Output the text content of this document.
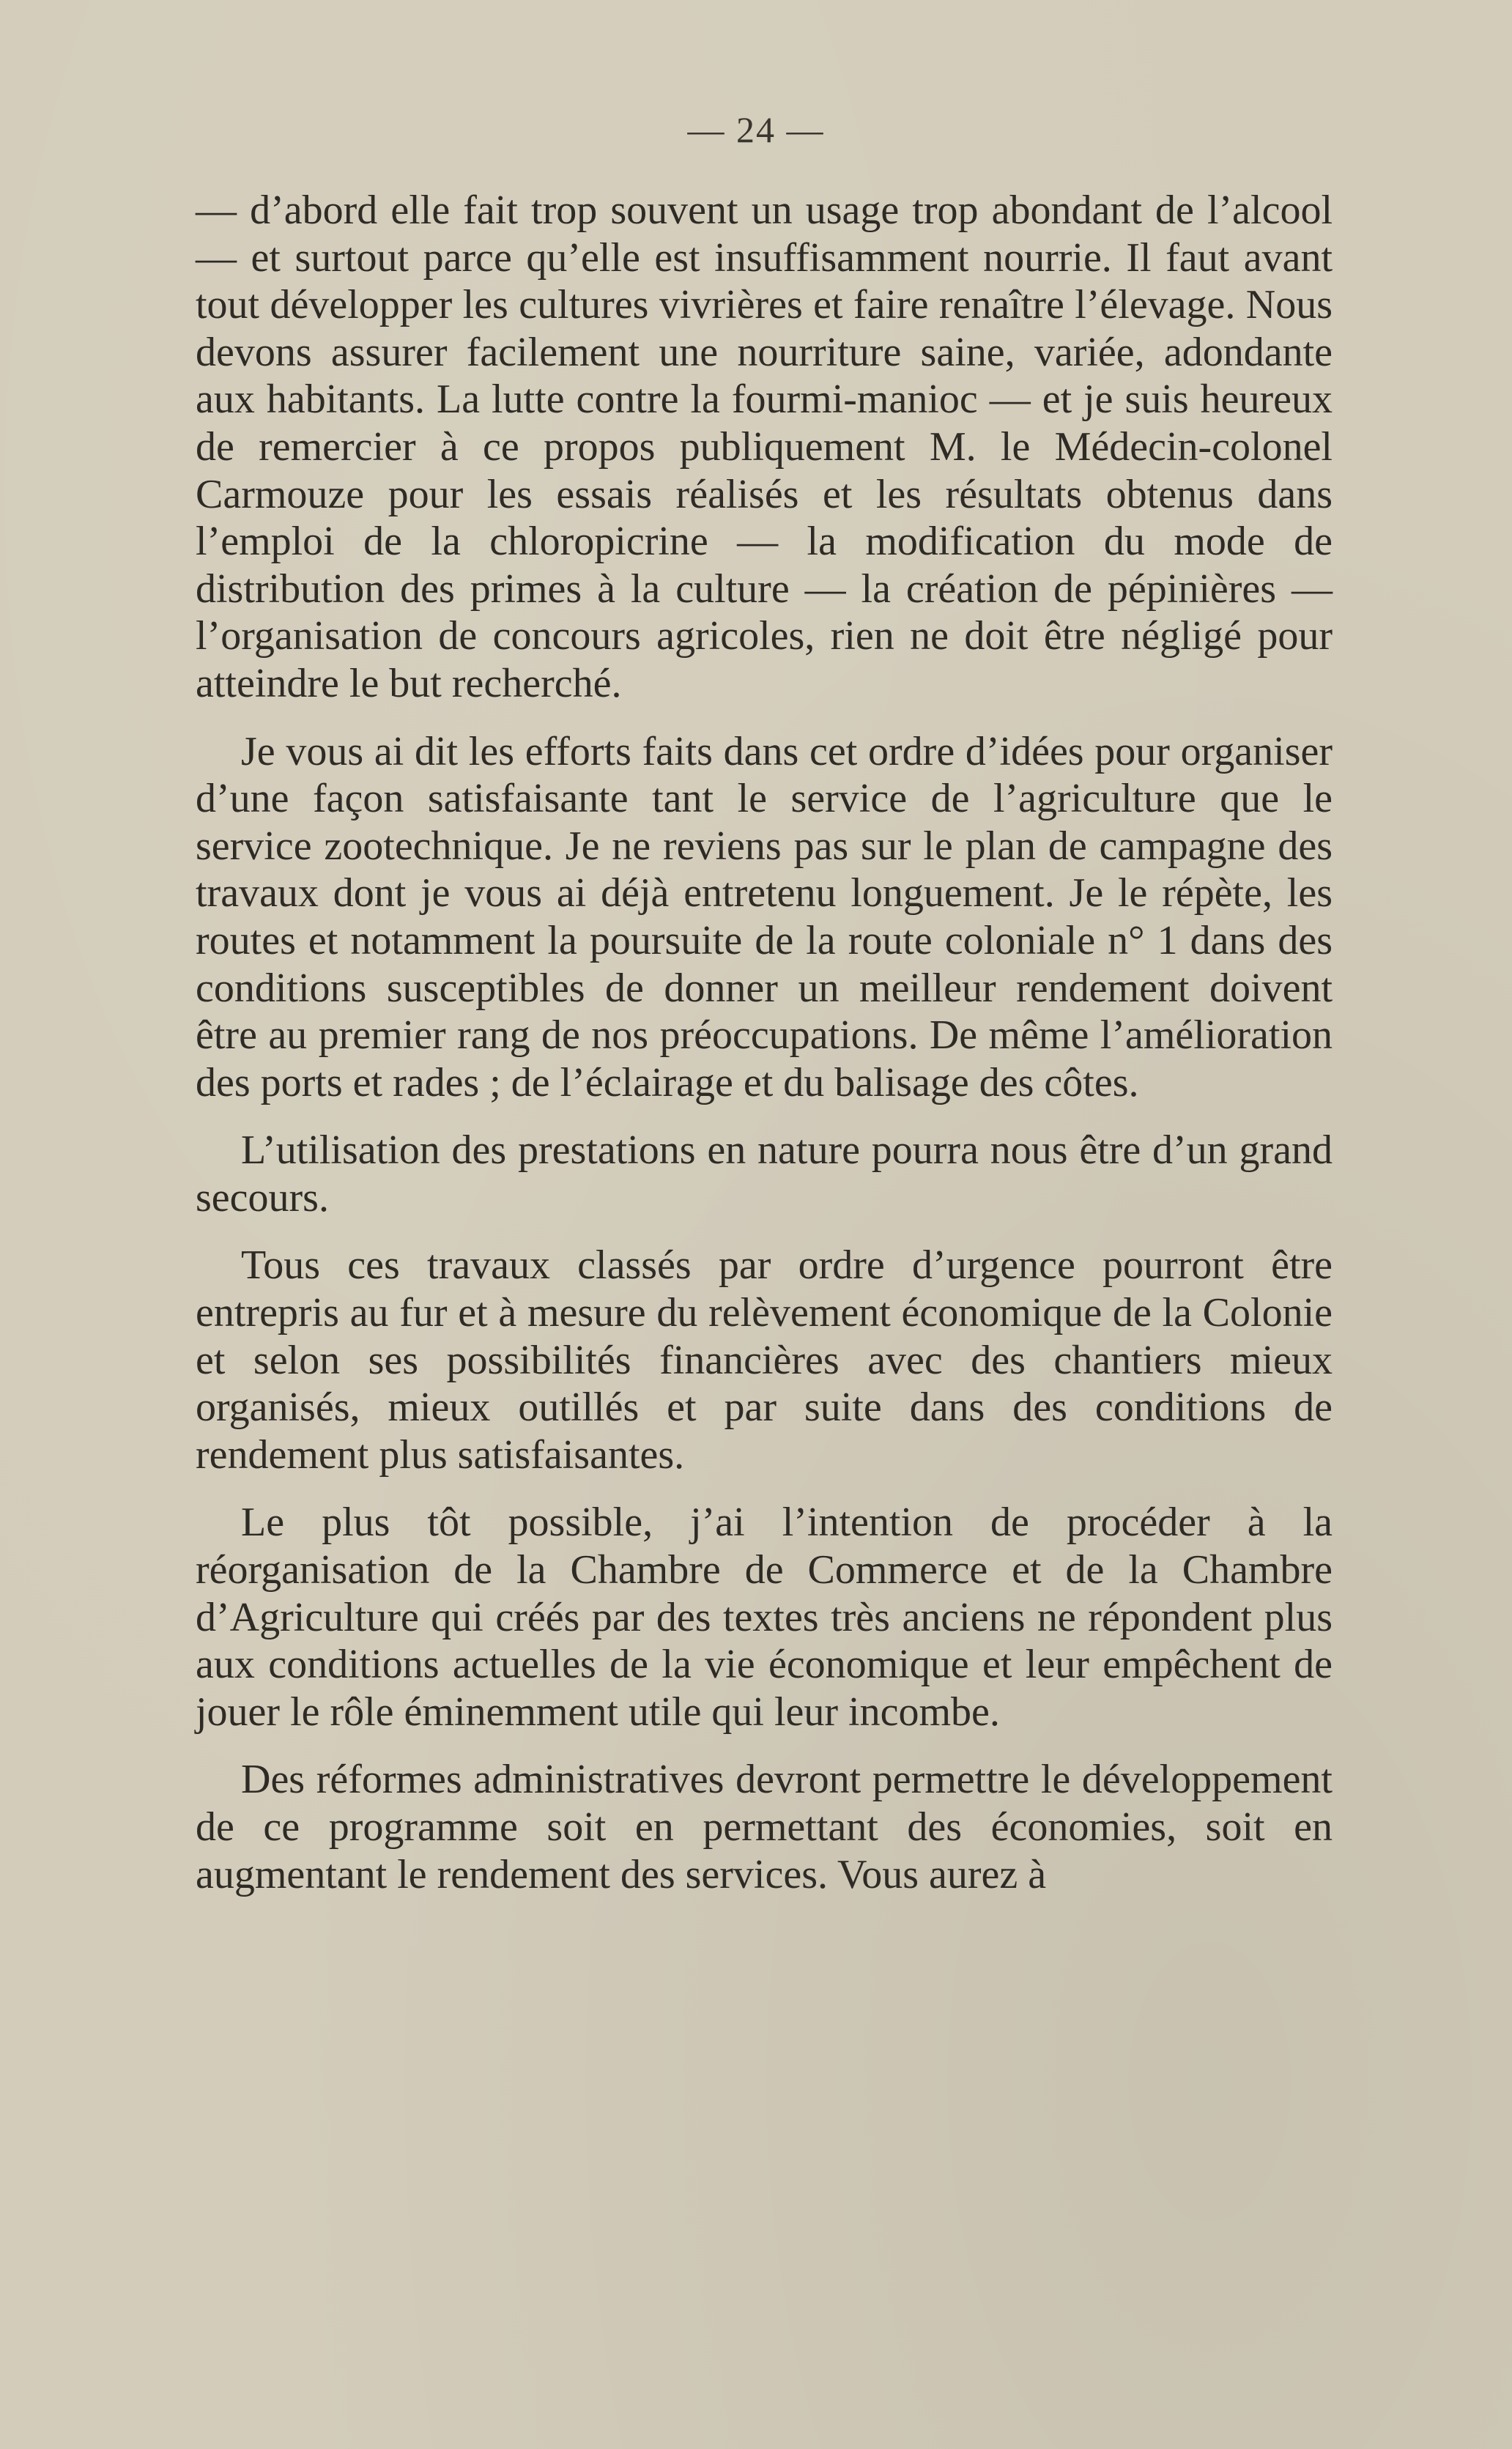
— 24 —

— d’abord elle fait trop souvent un usage trop abondant de l’alcool — et surtout parce qu’elle est insuffisamment nourrie. Il faut avant tout développer les cultures vivrières et faire renaître l’élevage. Nous devons assurer facilement une nourriture saine, variée, adondante aux habitants. La lutte contre la fourmi-manioc — et je suis heureux de remercier à ce propos publiquement M. le Médecin-colonel Carmouze pour les essais réalisés et les résultats obtenus dans l’emploi de la chloropicrine — la modification du mode de distribution des primes à la culture — la création de pépinières — l’organisation de concours agricoles, rien ne doit être négligé pour atteindre le but recherché.

Je vous ai dit les efforts faits dans cet ordre d’idées pour organiser d’une façon satisfaisante tant le service de l’agriculture que le service zootechnique. Je ne reviens pas sur le plan de campagne des travaux dont je vous ai déjà entretenu longuement. Je le répète, les routes et notamment la poursuite de la route coloniale n° 1 dans des conditions susceptibles de donner un meilleur rendement doivent être au premier rang de nos préoccupations. De même l’amélioration des ports et rades ; de l’éclairage et du balisage des côtes.

L’utilisation des prestations en nature pourra nous être d’un grand secours.

Tous ces travaux classés par ordre d’urgence pourront être entrepris au fur et à mesure du relèvement économique de la Colonie et selon ses possibilités financières avec des chantiers mieux organisés, mieux outillés et par suite dans des conditions de rendement plus satisfaisantes.

Le plus tôt possible, j’ai l’intention de procéder à la réorganisation de la Chambre de Commerce et de la Chambre d’Agriculture qui créés par des textes très anciens ne répondent plus aux conditions actuelles de la vie économique et leur empêchent de jouer le rôle éminemment utile qui leur incombe.

Des réformes administratives devront permettre le développement de ce programme soit en permettant des économies, soit en augmentant le rendement des services. Vous aurez à
